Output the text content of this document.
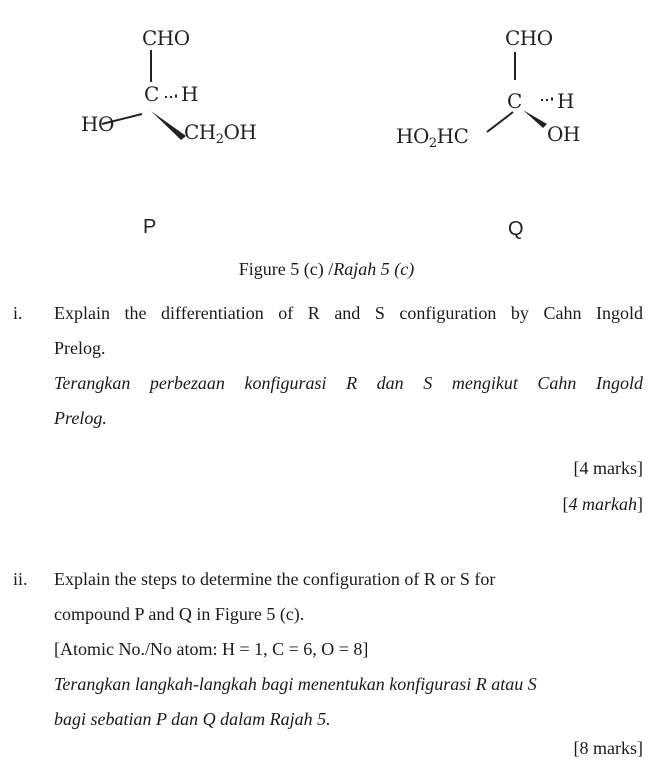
CHO
C H
HO	$CH_2OH$
CHO
C H
$HO_2HC$	OH
P	Q
Figure 5 (c) /Rajah 5 (c)
i. Explain the differentiation of R and S configuration by Cahn Ingold
Prelog.
Terangkan perbezaan konfigurasi R dan S mengikut Cahn Ingold
Prelog.
[4 marks]
[4 markah]
ii. Explain the steps to determine the configuration of R or S for
compound P and Q in Figure 5 (c).
[Atomic No./No atom: H = 1, C = 6, O = 8]
Terangkan langkah-langkah bagi menentukan konfigurasi R atau S
bagi sebatian P dan Q dalam Rajah 5.
[8 marks]
